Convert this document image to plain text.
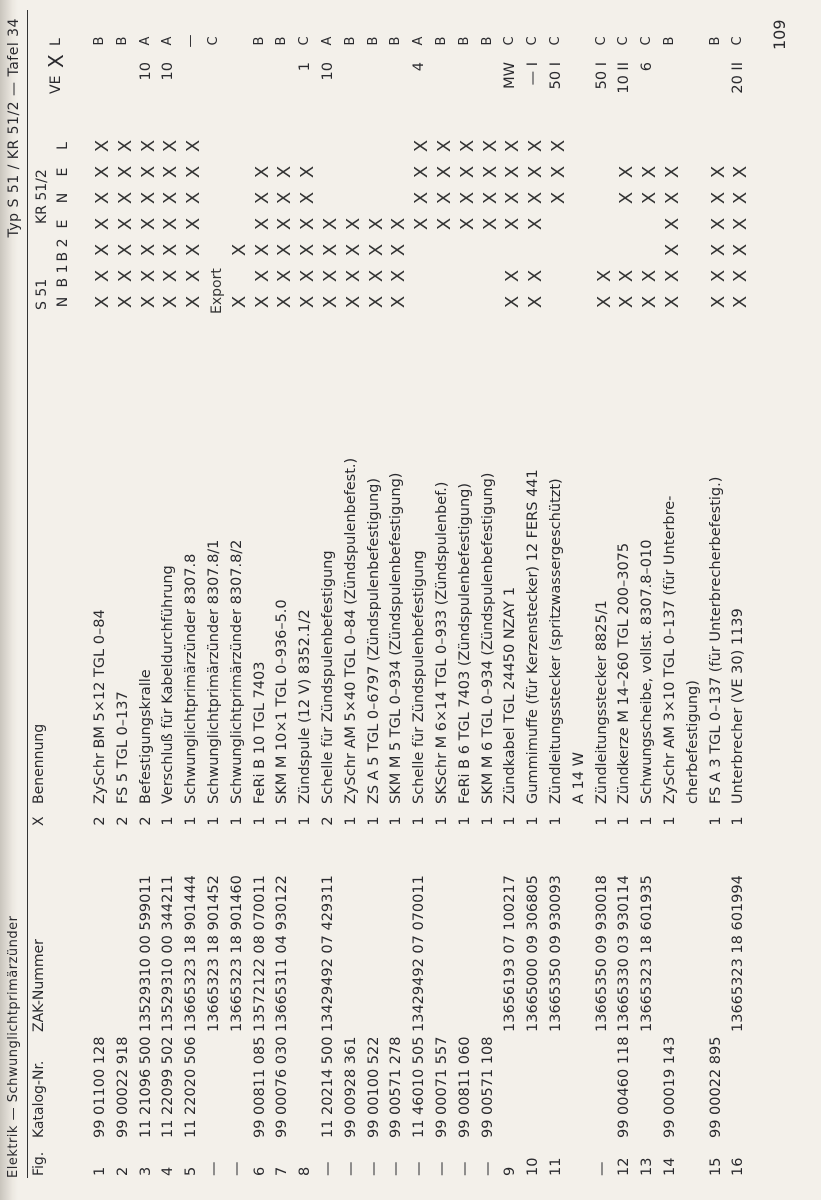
Elektrik — Schwunglichtprimärzünder
Typ S 51 / KR 51/2 — Tafel 34
Fig.
Katalog-Nr.
ZAK-Nummer
X
Benennung
S 51
KR 51/2
N
B 1
B 2
E
N
E
L
VE
X
L
1
99 01100 128
2
ZySchr BM 5×12 TGL 0–84
X
X
X
X
X
X
X
B
2
99 00022 918
2
FS 5 TGL 0–137
X
X
X
X
X
X
X
B
3
11 21096 500
13529310 00 599011
2
Befestigungskralle
X
X
X
X
X
X
X
10
A
4
11 22099 502
13529310 00 344211
1
Verschluß für Kabeldurchführung
X
X
X
X
X
X
X
10
A
5
11 22020 506
13665323 18 901444
1
Schwunglichtprimärzünder 8307.8
X
X
X
X
X
X
X
—
—
13665323 18 901452
1
Schwunglichtprimärzünder 8307.8/1
Export
C
—
13665323 18 901460
1
Schwunglichtprimärzünder 8307.8/2
X
X
6
99 00811 085
13572122 08 070011
1
FeRi B 10 TGL 7403
X
X
X
X
X
X
B
7
99 00076 030
13665311 04 930122
1
SKM M 10×1 TGL 0–936–5.0
X
X
X
X
X
X
B
8
1
Zündspule (12 V) 8352.1/2
X
X
X
X
X
X
1
C
—
11 20214 500
13429492 07 429311
2
Schelle für Zündspulenbefestigung
X
X
X
X
10
A
—
99 00928 361
1
ZySchr AM 5×40 TGL 0–84 (Zündspulenbefest.)
X
X
X
X
B
—
99 00100 522
1
ZS A 5 TGL 0–6797 (Zündspulenbefestigung)
X
X
X
X
B
—
99 00571 278
1
SKM M 5 TGL 0–934 (Zündspulenbefestigung)
X
X
X
X
B
—
11 46010 505
13429492 07 070011
1
Schelle für Zündspulenbefestigung
X
X
X
X
4
A
—
99 00071 557
1
SKSchr M 6×14 TGL 0–933 (Zündspulenbef.)
X
X
X
X
B
—
99 00811 060
1
FeRi B 6 TGL 7403 (Zündspulenbefestigung)
X
X
X
X
B
—
99 00571 108
1
SKM M 6 TGL 0–934 (Zündspulenbefestigung)
X
X
X
X
B
9
13656193 07 100217
1
Zündkabel TGL 24450 NZAY 1
X
X
X
X
X
X
MW
C
10
13665000 09 306805
1
Gummimuffe (für Kerzenstecker) 12 FERS 441
X
X
X
X
X
X
— I
C
11
13665350 09 930093
1
Zündleitungsstecker (spritzwassergeschützt)
X
X
X
50 I
C
A 14 W
—
13665350 09 930018
1
Zündleitungsstecker 8825/1
X
X
50 I
C
12
99 00460 118
13665330 03 930114
1
Zündkerze M 14–260 TGL 200–3075
X
X
X
X
10 II
C
13
13665323 18 601935
1
Schwungscheibe, vollst. 8307.8–010
X
X
X
X
6
C
14
99 00019 143
1
ZySchr AM 3×10 TGL 0–137 (für Unterbre-
X
X
X
X
X
X
B
cherbefestigung)
15
99 00022 895
1
FS A 3 TGL 0–137 (für Unterbrecherbefestig.)
X
X
X
X
X
X
B
16
13665323 18 601994
1
Unterbrecher (VE 30) 1139
X
X
X
X
X
X
20 II
C 109
